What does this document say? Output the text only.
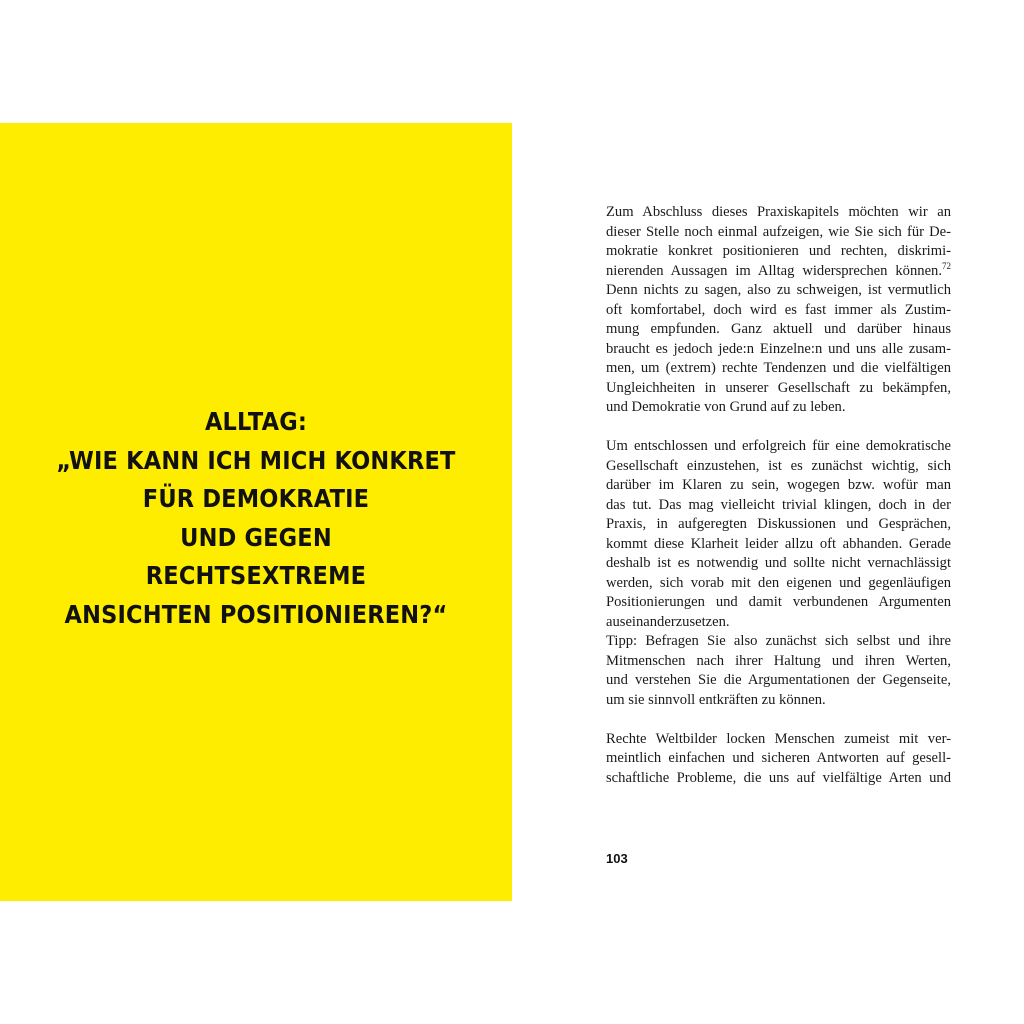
ALLTAG:
„WIE KANN ICH MICH KONKRET
FÜR DEMOKRATIE
UND GEGEN
RECHTSEXTREME
ANSICHTEN POSITIONIEREN?“
Zum Abschluss dieses Praxiskapitels möchten wir an
dieser Stelle noch einmal aufzeigen, wie Sie sich für De-
mokratie konkret positionieren und rechten, diskrimi-
nierenden Aussagen im Alltag widersprechen können.$^{72}$
Denn nichts zu sagen, also zu schweigen, ist vermutlich
oft komfortabel, doch wird es fast immer als Zustim-
mung empfunden. Ganz aktuell und darüber hinaus
braucht es jedoch jede:n Einzelne:n und uns alle zusam-
men, um (extrem) rechte Tendenzen und die vielfältigen
Ungleichheiten in unserer Gesellschaft zu bekämpfen,
und Demokratie von Grund auf zu leben.
Um entschlossen und erfolgreich für eine demokratische
Gesellschaft einzustehen, ist es zunächst wichtig, sich
darüber im Klaren zu sein, wogegen bzw. wofür man
das tut. Das mag vielleicht trivial klingen, doch in der
Praxis, in aufgeregten Diskussionen und Gesprächen,
kommt diese Klarheit leider allzu oft abhanden. Gerade
deshalb ist es notwendig und sollte nicht vernachlässigt
werden, sich vorab mit den eigenen und gegenläufigen
Positionierungen und damit verbundenen Argumenten
auseinanderzusetzen.
Tipp: Befragen Sie also zunächst sich selbst und ihre
Mitmenschen nach ihrer Haltung und ihren Werten,
und verstehen Sie die Argumentationen der Gegenseite,
um sie sinnvoll entkräften zu können.
Rechte Weltbilder locken Menschen zumeist mit ver-
meintlich einfachen und sicheren Antworten auf gesell-
schaftliche Probleme, die uns auf vielfältige Arten und
103
